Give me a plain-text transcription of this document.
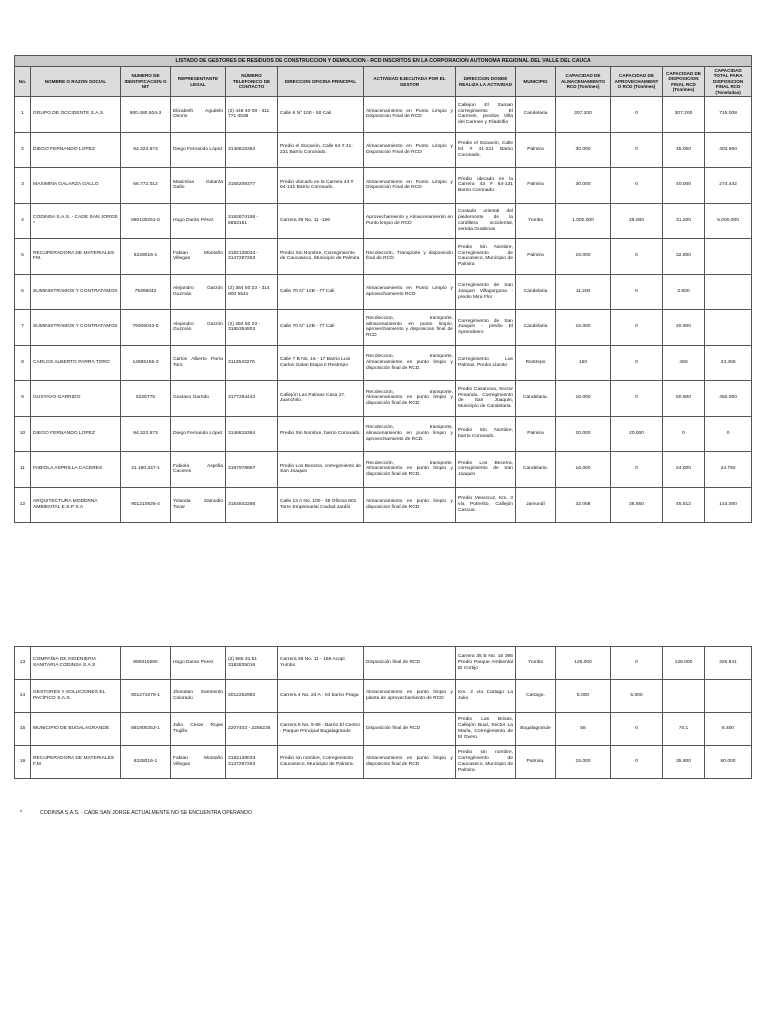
LISTADO DE GESTORES DE RESIDUOS DE CONSTRUCCION Y DEMOLICION - RCD INSCRITOS EN LA CORPORACION AUTONOMA REGIONAL DEL VALLE DEL CAUCA												
No.	NOMBRE O RAZON SOCIAL	NUMERO DE IDENTIFICACION O NIT	REPRESENTANTE LEGAL	NÚMERO TELEFONICO DE CONTACTO	DIRECCION OFICINA PRINCIPAL	ACTIVIDAD EJECUTADA POR EL GESTOR	DIRECCION DONDE REALIZA LA ACTIVIDAD	MUNICIPIO	CAPACIDAD DE ALMACENAMIENTO RCD (Ton/mes)	CAPACIDAD DE APROVECHAMIENTO RCD (Ton/mes)	CAPACIDAD DE DISPOSICION FINAL RCD (Ton/mes)	CAPACIDAD TOTAL PARA DISPOSICION FINAL RCD (Toneladas)
1	GRUPO DE OCCIDENTE S.A.S.	900.480.504-3	Elizabeth Agudelo Osorio	(2) 448 40 08 - 311 771 0539	Calle 8 N° 100 - 50 Cali	Almacenamiento en Punto Limpio y Disposicion Final de RCD	Callejon El Saman corregimiento El Carmelo, predios Villa del Carmen y Filadelfia	Candelaria	307.200	0	307.200	715.008
2	DIEGO FERNANDO LOPEZ	94.323.673	Diego Fernando López	3146815364	Predio el Socavón, Calle 64 # 41-221 Barrio Coronado.	Almacenamiento en Punto Limpio y Disposicion Final de RCD	Predio el Socavón, Calle 64 # 41-221 Barrio Coronado.	Palmira	30.000	0	45.000	403.960
3	MAXIMINA GALARZA GALLO	66.772.012	Maximina Galarza Gallo	3155209377	Predio ubicado en la Carrera 43 # 64-131 Barrio Coronado.	Almacenamiento en Punto Limpio y Disposicion Final de RCD	Predio ubicado en la Carrera 43 # 64-131 Barrio Coronado.	Palmira	30.000	0	40.000	274.442
4	CODINSA S.A.S. - CADE SAN JORGE *	890100251-0	Hugo Durán Pérez	3182874159 - 6653151	Carrera 39 No. 11 -166	Aprovechamiento y Almacenamiento en Punto limpio de RCD	Costado oriental del piedemonte de la cordillera occidental, vereda Guabinas	Yumbo	1.000.000	25.000	31.200	5.000.000
5	RECUPERADORA DE MATERIALES FM.	6228016-1	Fabian Montaño Villegas	3182138033 - 3147297263	Predio Sin Nombre, Corregimiento de Caucaseco, Municipio de Palmira	Recolección, Transporte y disposición final de RCD.	Predio Sin Nombre, Corregimiento de Caucaseco, Municipio de Palmira	Palmira	15.000	0	32.800	
6	SUMINISTRAMOS Y CONTRATAMOS	79306043	Alejandro Garzón Guzmán	(2) 384 60 23 - 314 800 5541	Calle 70 N° 12B - 77 Cali	Almacenamiento en Punto Limpio y aprovechamiento RCD	Corregimiento de San Joaquin Villagorgona - predio Mira Flor	Candelaria	11.200	0	2.600	
7	SUMINISTRAMOS Y CONTRATAMOS	79306043-8	Alejandro Garzón Guzmán	(2) 284 60 23 - 3165354803	Calle 70 N° 12B - 77 Cali	Recoleccion, transporte, almacenamiento en punto limpio, aprovechamiento y disposicion final de RCD	Corregimiento de San Joaquin - predio El Aprendeero	Candelaria	15.000	0	40.800	
8	CARLOS ALBERTO PARRA TORO	14886166-3	Carlos Alberto Parra Toro	3113543276	Calle 7 B No. 16 - 17 Barrio Luis Carlos Galan Etapa II Restrepo	Recoleccion, transporte, Almacenamiento en punto limpio y disposición final de RCD.	Corregimiento Las Palmas, Predio Llanito	Restrepo	160	0	460	23.456
9	GUSTAVO GARRIDO	6225775	Gustavo Garrido	3177254443	Callejón Las Palmas Casa 27. Juanchito.	Recoleccion, transporte, Almacenamiento en punto limpio y disposición final de RCD.	Predio Casanova, Sector Pintando, Corregimiento de San Joaquin, Municipio de Candelaria.	Candelaria.	16.000	0	50.800	450.000
10	DIEGO FERNANDO LOPEZ	94.323.673	Diego Fernando López	3146815364	Predio Sin Nombre, barrio Coronado.	Recolección, transporte, almacenamiento en punto limpio y aprovechamiento de RCD.	Predio Sin Nombre, barrio Coronado.	Palmira	20.000	20.000	0	0
11	FABIOLA ASPRILLA CACERES	31.180.347-1	Fabiola Asprilla Caceres	3187978867	Predio Los Becerra, corregimiento de San Joaquin	Recolección, transporte, Almacenamiento en punto limpio y disposición final de RCD.	Predio Los Becerra, corregimiento de San Joaquin	Candelaria.	16.000	0	24.000	24.792
12	ARQUITECTURA MODERNA AMBIENTAL E.S.P S.A	901210926-4	Yolanda Zamudio Tovar	3154843288	Calle 13 A No. 100 - 35 Oficina 801 Torre Empresarial Ciudad Jardín	Almacenamiento en punto limpio y disposicion final de RCD	Predio Venecruz, Km. 3 vía Potrerito, Callejón Cascua.	Jamundí	32.068	36.650	45.812	144.000
13	COMPAÑIA DE INGENIERIA SANITARIA CODINSA S.A.S	890319290	Hugo Duran Perez	(2) 665 31 51 3182835016	Carrera 39 No. 11 - 166 Acopi Yumbo	Disposición final de RCD	Carrera 35 B No. 15 395 Predio Parque Ambiental El Cortijo	Yumbo	126.000	0	126.000	326.941
14	GESTORES Y SOLUCIONES EL PACÍFICO S.A.S.	901271679-1	Jhonatan Sarmiento Colorado	3012252982	Carrera 4 No. 24 A - 04 barrio Praga	Almacenamiento en punto limpio y planta de aprovechamiento de RCD	Km. 2 vía Cartago La Julia	Cartago.	5.000	5.000		
15	MUNICIPIO DE BUGALAGRANDE	891900253-1	Julio Cesar Rojas Trujillo	2207403 - 2256235	Carrera 6 No. 5-65 - Barrio El Centro - Parque Principal Bugalagrande	Disposición final de RCD	Predio Las Brisas, Callejón Bual, Sector La María, Corregimiento de El Overo.	Bugalagrande	58	0	70,1	8.400
16	RECUPERADORA DE MATERIALES F.M	6228016-1	Fabian Montaño Villegas	3182138033 3147297263	Predio sin nombre, Corregimiento Caucaseco, Municipio de Palmira.	Almacenamiento en punto limpio y disposicion final de RCD	Predio sin nombre, Corregimiento de Caucaseco, Municipio de Palmira.	Palmira.	15.000	0	35.800	80.000
*	CODINSA S.A.S. - CADE SAN JORGE ACTUALMENTE NO SE ENCUENTRA OPERANDO
